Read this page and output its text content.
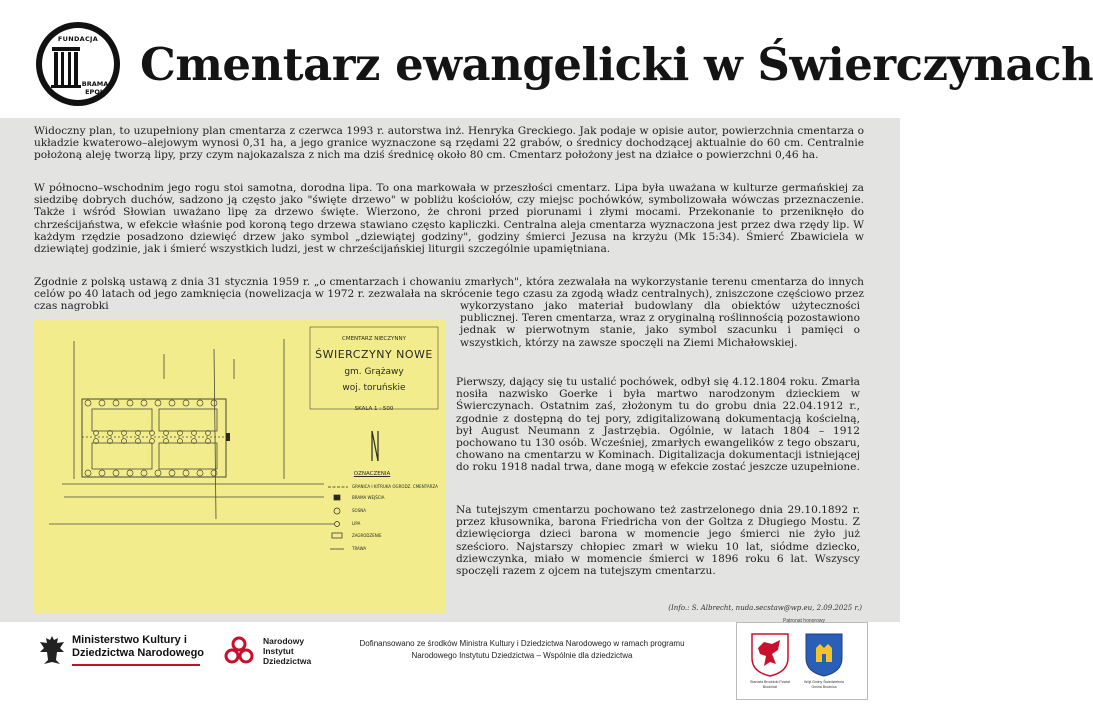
FUNDACJA
BRAMA
EPOK
Cmentarz ewangelicki w Świerczynach
Widoczny plan, to uzupełniony plan cmentarza z czerwca 1993 r. autorstwa inż. Henryka Greckiego. Jak podaje w opisie autor, powierzchnia cmentarza o układzie kwaterowo–alejowym wynosi 0,31 ha, a jego granice wyznaczone są rzędami 22 grabów, o średnicy dochodzącej aktualnie do 60 cm. Centralnie położoną aleję tworzą lipy, przy czym najokazalsza z nich ma dziś średnicę około 80 cm. Cmentarz położony jest na działce o powierzchni 0,46 ha.
W północno–wschodnim jego rogu stoi samotna, dorodna lipa. To ona markowała w przeszłości cmentarz. Lipa była uważana w kulturze germańskiej za siedzibę dobrych duchów, sadzono ją często jako "święte drzewo" w pobliżu kościołów, czy miejsc pochówków, symbolizowała wówczas przeznaczenie. Także i wśród Słowian uważano lipę za drzewo święte. Wierzono, że chroni przed piorunami i złymi mocami. Przekonanie to przeniknęło do chrześcijaństwa, w efekcie właśnie pod koroną tego drzewa stawiano często kapliczki. Centralna aleja cmentarza wyznaczona jest przez dwa rzędy lip. W każdym rzędzie posadzono dziewięć drzew jako symbol „dziewiątej godziny", godziny śmierci Jezusa na krzyżu (Mk 15:34). Śmierć Zbawiciela w dziewiątej godzinie, jak i śmierć wszystkich ludzi, jest w chrześcijańskiej liturgii szczególnie upamiętniana.
Zgodnie z polską ustawą z dnia 31 stycznia 1959 r. „o cmentarzach i chowaniu zmarłych", która zezwalała na wykorzystanie terenu cmentarza do innych celów po 40 latach od jego zamknięcia (nowelizacja w 1972 r. zezwalała na skrócenie tego czasu za zgodą władz centralnych), zniszczone częściowo przez czas nagrobki	wykorzystano jako materiał budowlany dla obiektów użyteczności publicznej. Teren cmentarza, wraz z oryginalną roślinnością pozostawiono jednak w pierwotnym stanie, jako symbol szacunku i pamięci o wszystkich, którzy na zawsze spoczęli na Ziemi Michałowskiej.
Pierwszy, dający się tu ustalić pochówek, odbył się 4.12.1804 roku. Zmarła nosiła nazwisko Goerke i była martwo narodzonym dzieckiem w Świerczynach. Ostatnim zaś, złożonym tu do grobu dnia 22.04.1912 r., zgodnie z dostępną do tej pory, zdigitalizowaną dokumentacją kościelną, był August Neumann z Jastrzębia. Ogólnie, w latach 1804 – 1912 pochowano tu 130 osób. Wcześniej, zmarłych ewangelików z tego obszaru, chowano na cmentarzu w Kominach. Digitalizacja dokumentacji istniejącej do roku 1918 nadal trwa, dane mogą w efekcie zostać jeszcze uzupełnione.
Na tutejszym cmentarzu pochowano też zastrzelonego dnia 29.10.1892 r. przez kłusownika, barona Friedricha von der Goltza z Długiego Mostu. Z dziewięciorga dzieci barona w momencie jego śmierci nie żyło już sześcioro. Najstarszy chłopiec zmarł w wieku 10 lat, siódme dziecko, dziewczynka, miało w momencie śmierci w 1896 roku 6 lat. Wszyscy spoczęli razem z ojcem na tutejszym cmentarzu.
(Info.: S. Albrecht, nuda.secstaw@wp.eu, 2.09.2025 r.)
CMENTARZ NIECZYNNY
ŚWIERCZYNY NOWE
gm. Grążawy
woj. toruńskie
SKALA 1 : 500
OZNACZENIA
GRANICA I KITRUKA OGRODZ. CMENTARZA
BRAMA WEJŚCIA
SOSNA
LIPA
ZAGRODZENIE
TRAWA
Ministerstwo Kultury i Dziedzictwa Narodowego
Narodowy
Instytut
Dziedzictwa
Dofinansowano ze środków Ministra Kultury i Dziedzictwa Narodowego w ramach programu
Narodowego Instytutu Dziedzictwa – Wspólnie dla dziedzictwa
Patronat honorowy
Starosta Brodnicki Powiat Brodnicki
Wójt Gminy Świedziebnia Gmina Brodnica
